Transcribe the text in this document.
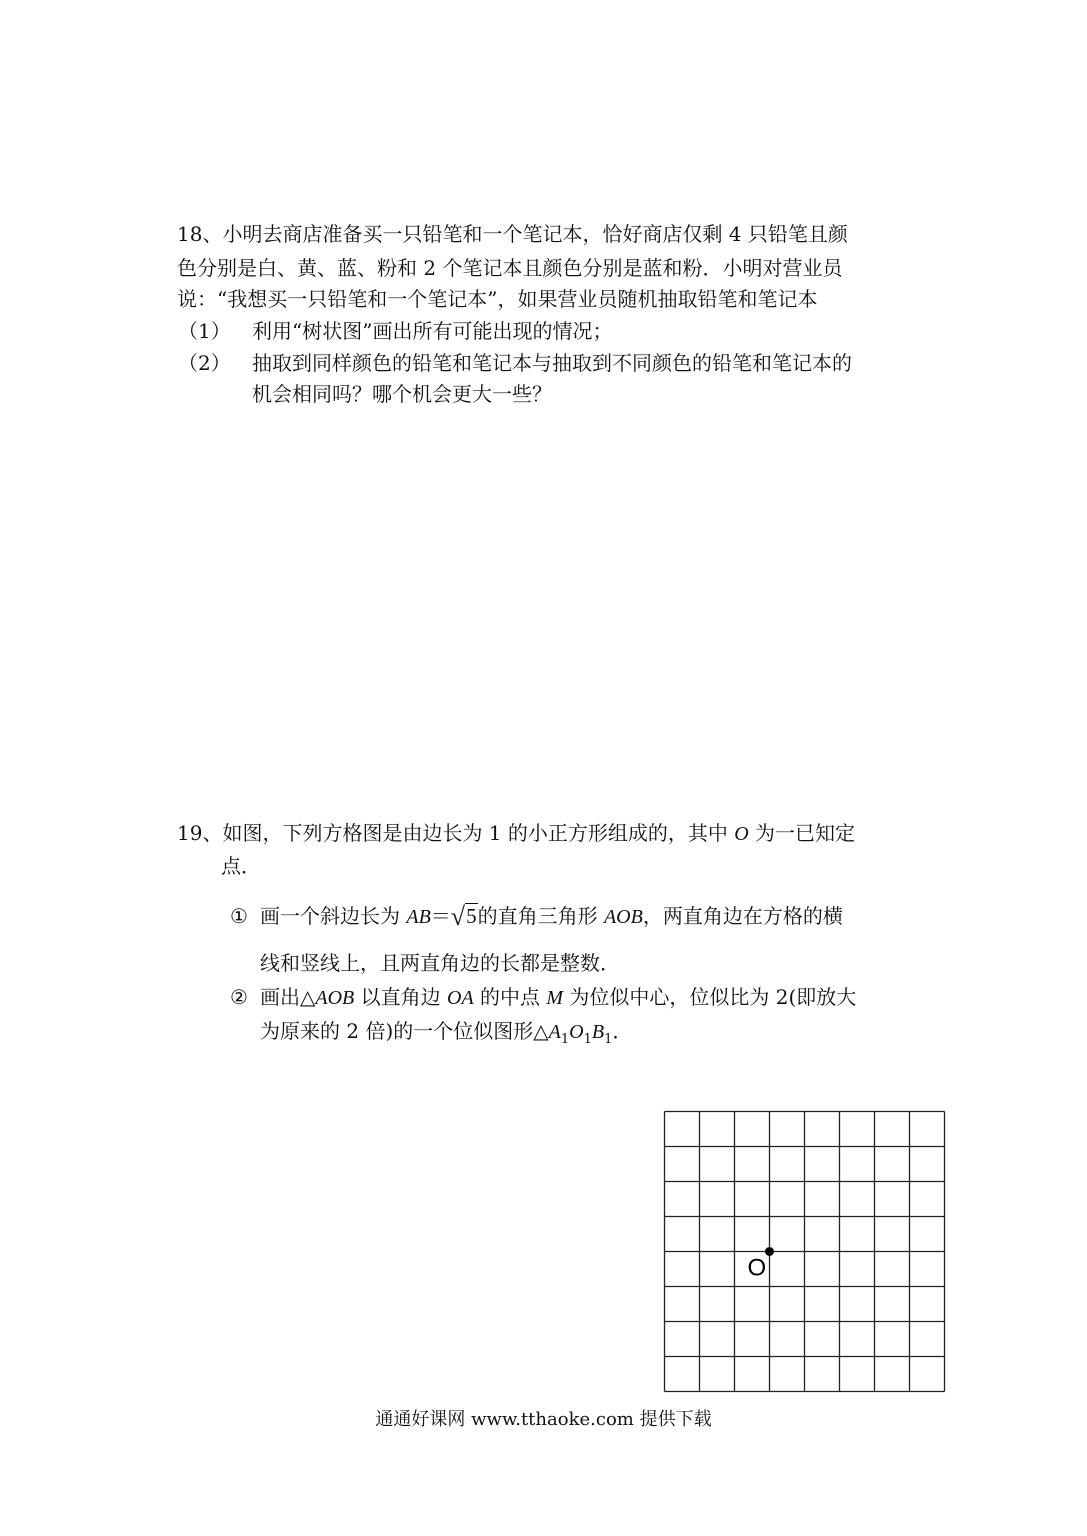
18、小明去商店准备买一只铅笔和一个笔记本，恰好商店仅剩 4 只铅笔且颜
色分别是白、黄、蓝、粉和 2 个笔记本且颜色分别是蓝和粉．小明对营业员
说：“我想买一只铅笔和一个笔记本”，如果营业员随机抽取铅笔和笔记本
（1） 利用“树状图”画出所有可能出现的情况；
（2） 抽取到同样颜色的铅笔和笔记本与抽取到不同颜色的铅笔和笔记本的
机会相同吗？哪个机会更大一些？
19、如图，下列方格图是由边长为 1 的小正方形组成的，其中 O 为一已知定
点．
① 画一个斜边长为 AB＝√5的直角三角形 AOB，两直角边在方格的横
线和竖线上，且两直角边的长都是整数．
② 画出△AOB 以直角边 OA 的中点 M 为位似中心，位似比为 2(即放大
为原来的 2 倍)的一个位似图形$\triangle A_1O_1B_1$．
O
通通好课网 www.tthaoke.com 提供下载
